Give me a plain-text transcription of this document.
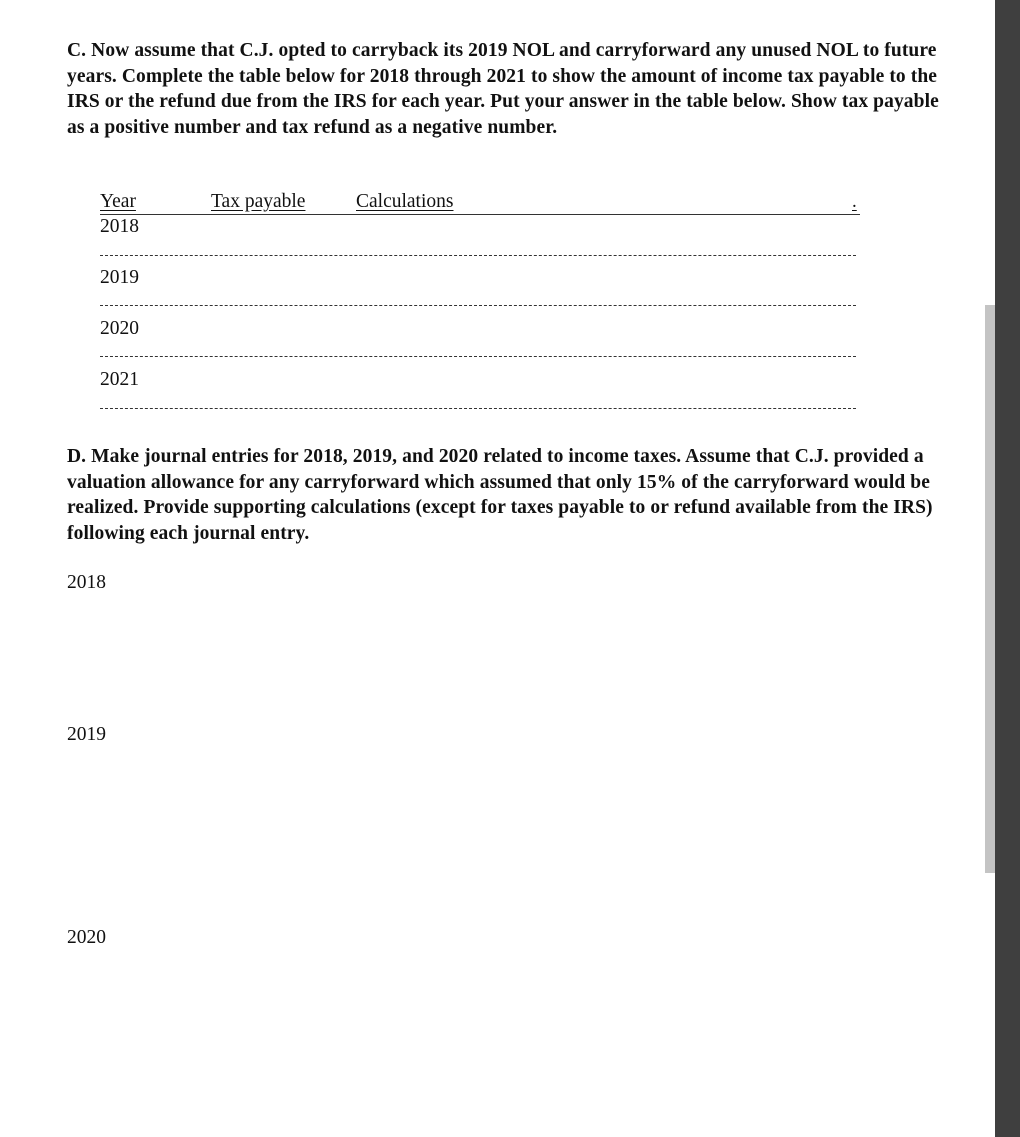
C. Now assume that C.J. opted to carryback its 2019 NOL and carryforward any unused NOL to future years. Complete the table below for 2018 through 2021 to show the amount of income tax payable to the IRS or the refund due from the IRS for each year. Put your answer in the table below. Show tax payable as a positive number and tax refund as a negative number.

Year	Tax payable	Calculations	.
2018
2019
2020
2021

D. Make journal entries for 2018, 2019, and 2020 related to income taxes. Assume that C.J. provided a valuation allowance for any carryforward which assumed that only 15% of the carryforward would be realized. Provide supporting calculations (except for taxes payable to or refund available from the IRS) following each journal entry.

2018
2019
2020
